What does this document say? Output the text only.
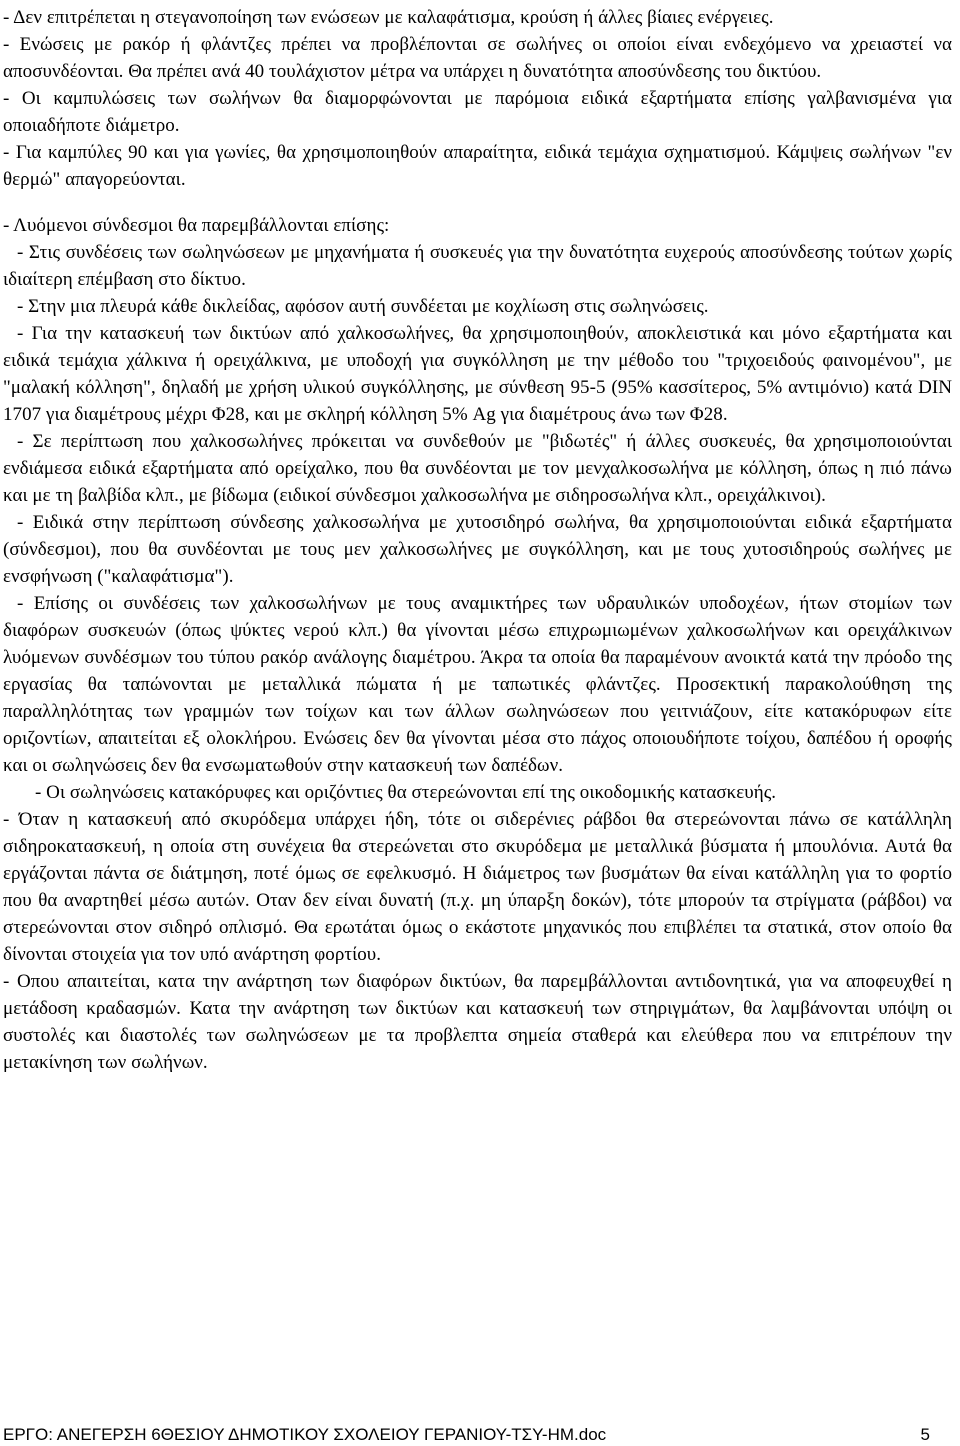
- Δεν επιτρέπεται η στεγανοποίηση των ενώσεων με καλαφάτισμα, κρούση ή άλλες βίαιες ενέργειες.

- Ενώσεις με ρακόρ ή φλάντζες πρέπει να προβλέπονται σε σωλήνες οι οποίοι είναι ενδεχόμενο να χρειαστεί να αποσυνδέονται. Θα πρέπει ανά 40 τουλάχιστον μέτρα να υπάρχει η δυνατότητα αποσύνδεσης του δικτύου.

- Οι καμπυλώσεις των σωλήνων θα διαμορφώνονται με παρόμοια ειδικά εξαρτήματα επίσης γαλβανισμένα για οποιαδήποτε διάμετρο.

- Για καμπύλες 90 και για γωνίες, θα χρησιμοποιηθούν απαραίτητα, ειδικά τεμάχια σχηματισμού. Κάμψεις σωλήνων "εν θερμώ" απαγορεύονται.

- Λυόμενοι σύνδεσμοι θα παρεμβάλλονται επίσης:

- Στις συνδέσεις των σωληνώσεων με μηχανήματα ή συσκευές για την δυνατότητα ευχερούς αποσύνδεσης τούτων χωρίς ιδιαίτερη επέμβαση στο δίκτυο.

- Στην μια πλευρά κάθε δικλείδας, αφόσον αυτή συνδέεται με κοχλίωση στις σωληνώσεις.

- Για την κατασκευή των δικτύων από χαλκοσωλήνες, θα χρησιμοποιηθούν, αποκλειστικά και μόνο εξαρτήματα και ειδικά τεμάχια χάλκινα ή ορειχάλκινα, με υποδοχή για συγκόλληση με την μέθοδο του "τριχοειδούς φαινομένου", με "μαλακή κόλληση", δηλαδή με χρήση υλικού συγκόλλησης, με σύνθεση 95-5 (95% κασσίτερος, 5% αντιμόνιο) κατά DIN 1707 για διαμέτρους μέχρι Φ28, και με σκληρή κόλληση 5% Ag για διαμέτρους άνω των Φ28.

- Σε περίπτωση που χαλκοσωλήνες πρόκειται να συνδεθούν με "βιδωτές" ή άλλες συσκευές, θα χρησιμοποιούνται ενδιάμεσα ειδικά εξαρτήματα από ορείχαλκο, που θα συνδέονται με τον μενχαλκοσωλήνα με κόλληση, όπως η πιό πάνω και με τη βαλβίδα κλπ., με βίδωμα (ειδικοί σύνδεσμοι χαλκοσωλήνα με σιδηροσωλήνα κλπ., ορειχάλκινοι).

- Ειδικά στην περίπτωση σύνδεσης χαλκοσωλήνα με χυτοσιδηρό σωλήνα, θα χρησιμοποιούνται ειδικά εξαρτήματα (σύνδεσμοι), που θα συνδέονται με τους μεν χαλκοσωλήνες με συγκόλληση, και με τους χυτοσιδηρούς σωλήνες με ενσφήνωση ("καλαφάτισμα").

- Επίσης οι συνδέσεις των χαλκοσωλήνων με τους αναμικτήρες των υδραυλικών υποδοχέων, ήτων στομίων των διαφόρων συσκευών (όπως ψύκτες νερού κλπ.) θα γίνονται μέσω επιχρωμιωμένων χαλκοσωλήνων και ορειχάλκινων λυόμενων συνδέσμων του τύπου ρακόρ ανάλογης διαμέτρου. Άκρα τα οποία θα παραμένουν ανοικτά κατά την πρόοδο της εργασίας θα ταπώνονται με μεταλλικά πώματα ή με ταπωτικές φλάντζες. Προσεκτική παρακολούθηση της παραλληλότητας των γραμμών των τοίχων και των άλλων σωληνώσεων που γειτνιάζουν, είτε κατακόρυφων είτε οριζοντίων, απαιτείται εξ ολοκλήρου. Ενώσεις δεν θα γίνονται μέσα στο πάχος οποιουδήποτε τοίχου, δαπέδου ή οροφής και οι σωληνώσεις δεν θα ενσωματωθούν στην κατασκευή των δαπέδων.

- Οι σωληνώσεις κατακόρυφες και οριζόντιες θα στερεώνονται επί της οικοδομικής κατασκευής.

- Όταν η κατασκευή από σκυρόδεμα υπάρχει ήδη, τότε οι σιδερένιες ράβδοι θα στερεώνονται πάνω σε κατάλληλη σιδηροκατασκευή, η οποία στη συνέχεια θα στερεώνεται στο σκυρόδεμα με μεταλλικά βύσματα ή μπουλόνια. Αυτά θα εργάζονται πάντα σε διάτμηση, ποτέ όμως σε εφελκυσμό. Η διάμετρος των βυσμάτων θα είναι κατάλληλη για το φορτίο που θα αναρτηθεί μέσω αυτών. Οταν δεν είναι δυνατή (π.χ. μη ύπαρξη δοκών), τότε μπορούν τα στρίγματα (ράβδοι) να στερεώνονται στον σιδηρό οπλισμό. Θα ερωτάται όμως ο εκάστοτε μηχανικός που επιβλέπει τα στατικά, στον οποίο θα δίνονται στοιχεία για τον υπό ανάρτηση φορτίου.

- Οπου απαιτείται, κατα την ανάρτηση των διαφόρων δικτύων, θα παρεμβάλλονται αντιδονητικά, για να αποφευχθεί η μετάδοση κραδασμών. Κατα την ανάρτηση των δικτύων και κατασκευή των στηριγμάτων, θα λαμβάνονται υπόψη οι συστολές και διαστολές των σωληνώσεων με τα προβλεπτα σημεία σταθερά και ελεύθερα που να επιτρέπουν την μετακίνηση των σωλήνων.

ΕΡΓΟ: ΑΝΕΓΕΡΣΗ 6ΘΕΣΙΟΥ ΔΗΜΟΤΙΚΟΥ ΣΧΟΛΕΙΟΥ ΓΕΡΑΝΙΟΥ-ΤΣΥ-ΗΜ.doc	5
